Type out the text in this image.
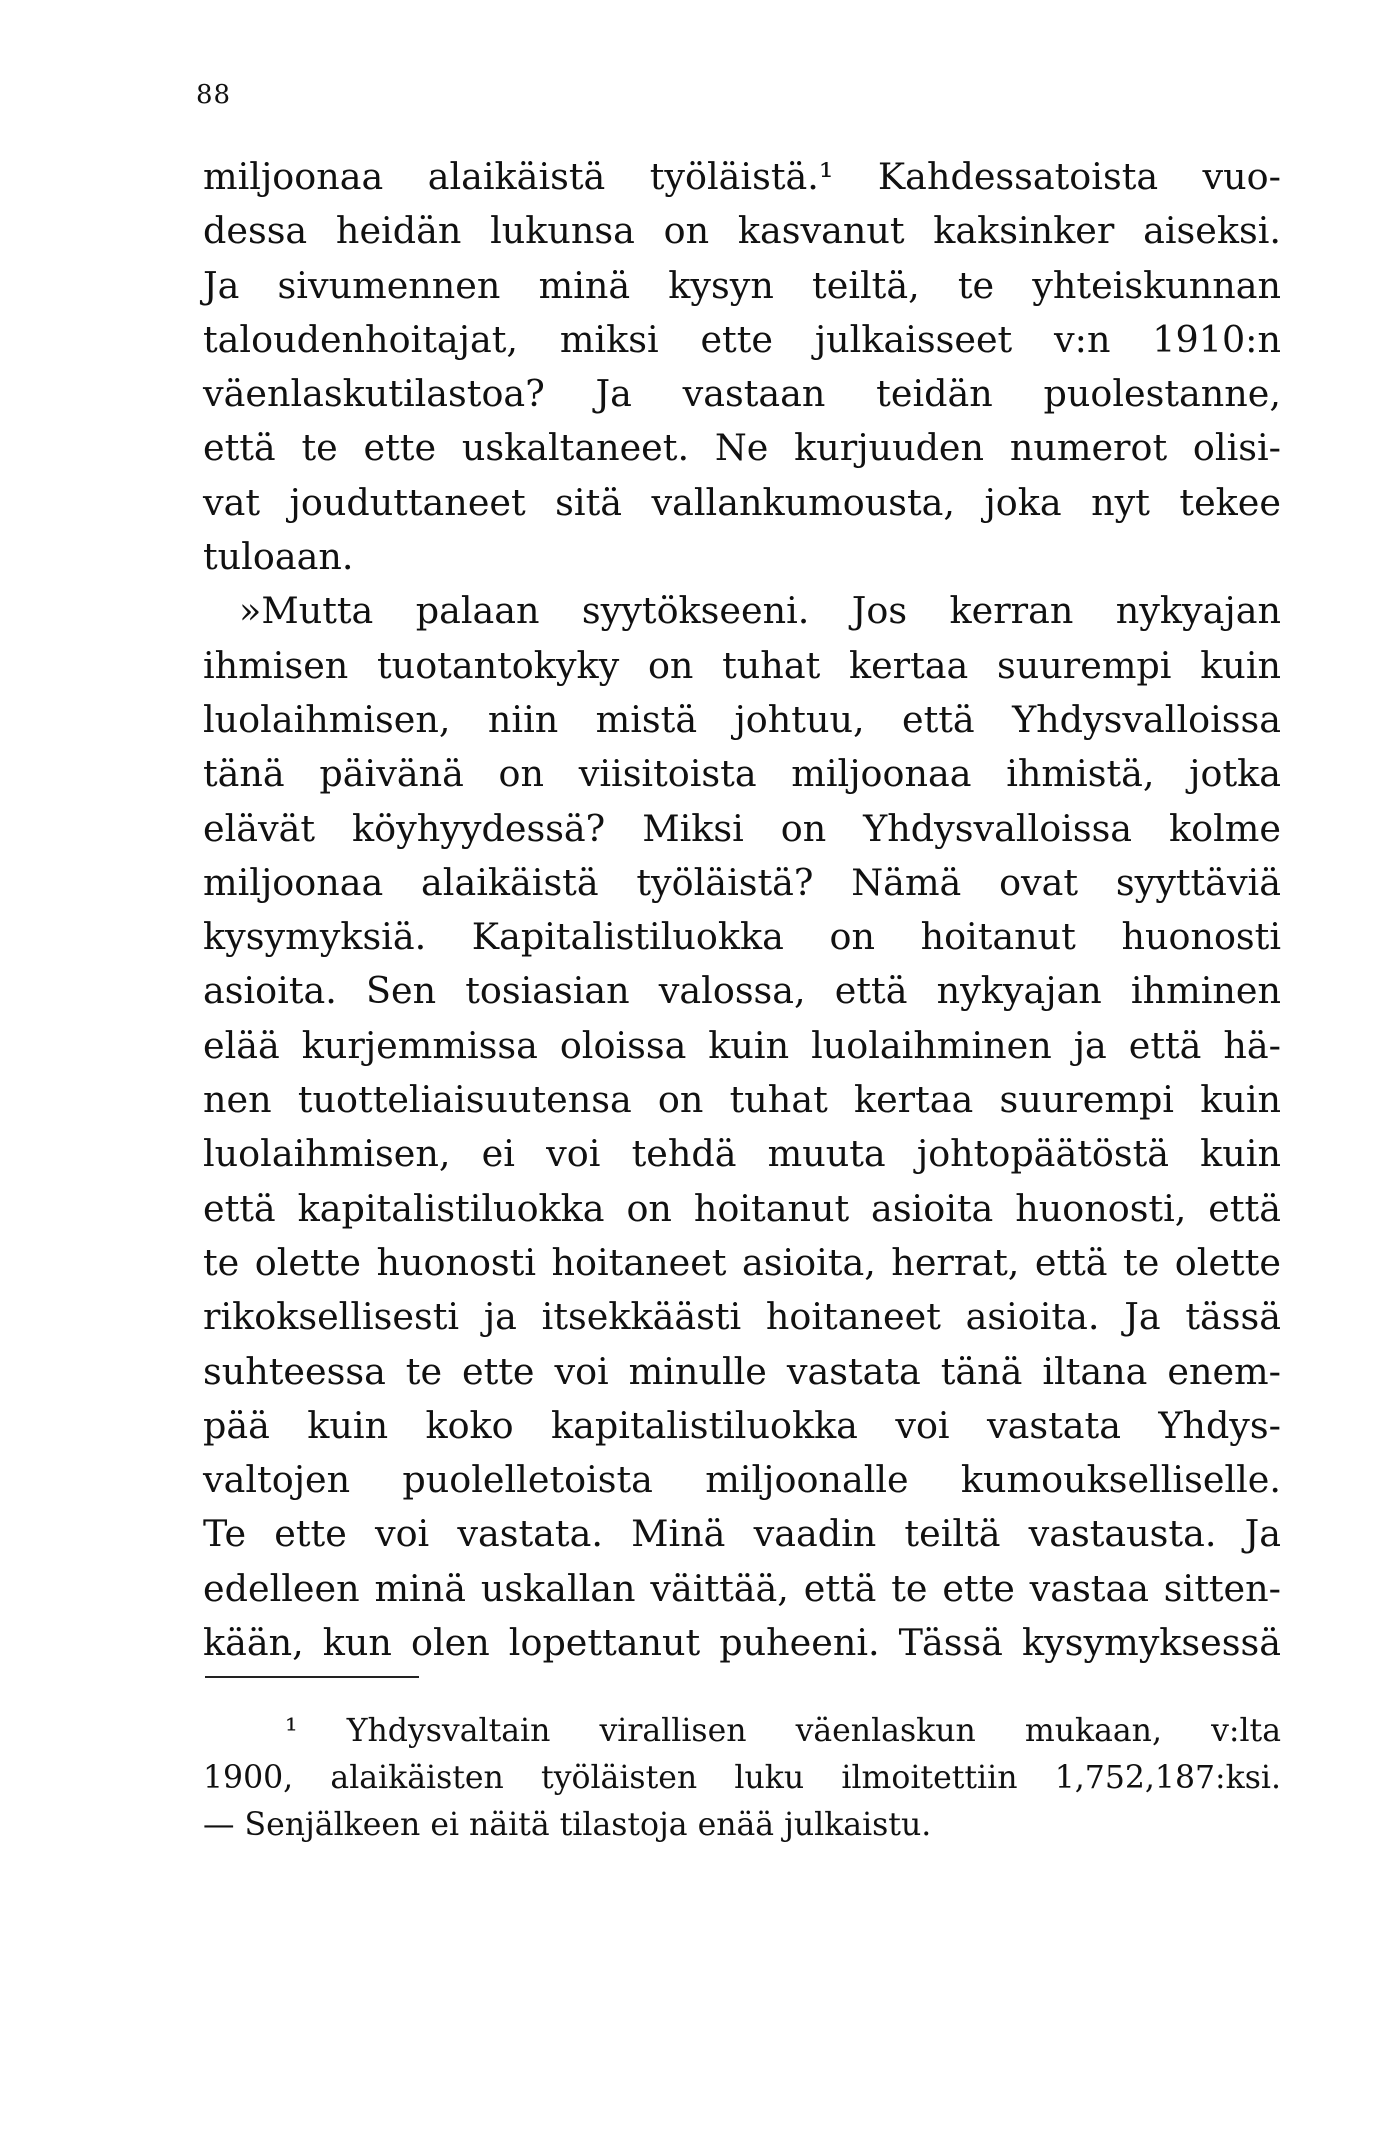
88
miljoonaa alaikäistä työläistä.¹ Kahdessatoista vuo-
dessa heidän lukunsa on kasvanut kaksinker aiseksi.
Ja sivumennen minä kysyn teiltä, te yhteiskunnan
taloudenhoitajat, miksi ette julkaisseet v:n 1910:n
väenlaskutilastoa? Ja vastaan teidän puolestanne,
että te ette uskaltaneet. Ne kurjuuden numerot olisi-
vat jouduttaneet sitä vallankumousta, joka nyt tekee
tuloaan.
»Mutta palaan syytökseeni. Jos kerran nykyajan
ihmisen tuotantokyky on tuhat kertaa suurempi kuin
luolaihmisen, niin mistä johtuu, että Yhdysvalloissa
tänä päivänä on viisitoista miljoonaa ihmistä, jotka
elävät köyhyydessä? Miksi on Yhdysvalloissa kolme
miljoonaa alaikäistä työläistä? Nämä ovat syyttäviä
kysymyksiä. Kapitalistiluokka on hoitanut huonosti
asioita. Sen tosiasian valossa, että nykyajan ihminen
elää kurjemmissa oloissa kuin luolaihminen ja että hä-
nen tuotteliaisuutensa on tuhat kertaa suurempi kuin
luolaihmisen, ei voi tehdä muuta johtopäätöstä kuin
että kapitalistiluokka on hoitanut asioita huonosti, että
te olette huonosti hoitaneet asioita, herrat, että te olette
rikoksellisesti ja itsekkäästi hoitaneet asioita. Ja tässä
suhteessa te ette voi minulle vastata tänä iltana enem-
pää kuin koko kapitalistiluokka voi vastata Yhdys-
valtojen puolelletoista miljoonalle kumoukselliselle.
Te ette voi vastata. Minä vaadin teiltä vastausta. Ja
edelleen minä uskallan väittää, että te ette vastaa sitten-
kään, kun olen lopettanut puheeni. Tässä kysymyksessä
¹ Yhdysvaltain virallisen väenlaskun mukaan, v:lta
1900, alaikäisten työläisten luku ilmoitettiin 1,752,187:ksi.
— Senjälkeen ei näitä tilastoja enää julkaistu.
